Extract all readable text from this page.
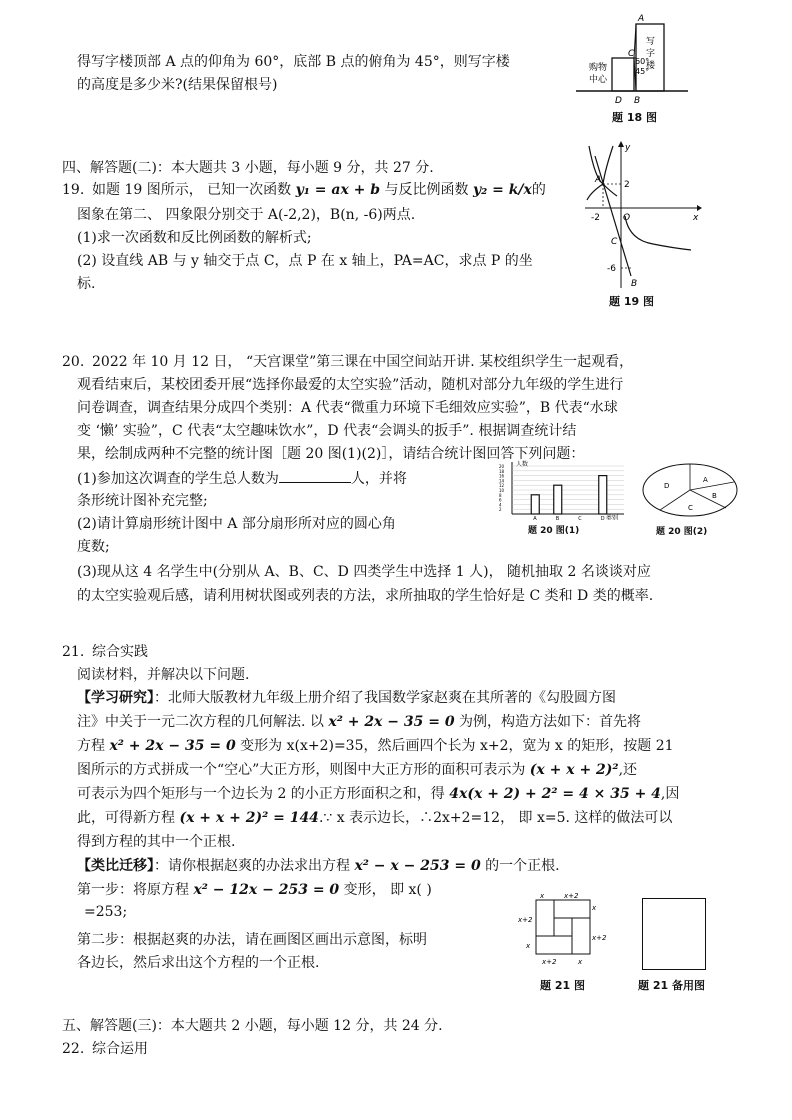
得写字楼顶部 A 点的仰角为 60°，底部 B 点的俯角为 45°，则写字楼
的高度是多少米?(结果保留根号)
A
B
D
C
60°
45°
购物
中心
写
字
楼
题 18 图
四、解答题(二)：本大题共 3 小题，每小题 9 分，共 27 分.
19. 如题 19 图所示， 已知一次函数 y₁ = ax + b 与反比例函数 y₂ = k/x的
图象在第二、 四象限分别交于 A(-2,2)，B(n, -6)两点.
(1)求一次函数和反比例函数的解析式;
(2) 设直线 AB 与 y 轴交于点 C，点 P 在 x 轴上，PA=AC，求点 P 的坐
标.
y
x
O
A
B
C
2
-2
-6
题 19 图
20. 2022 年 10 月 12 日， “天宫课堂”第三课在中国空间站开讲. 某校组织学生一起观看，
观看结束后，某校团委开展“选择你最爱的太空实验”活动，随机对部分九年级的学生进行
问卷调查，调查结果分成四个类别：A 代表“微重力环境下毛细效应实验”，B 代表“水球
变 ‘懒’ 实验”，C 代表“太空趣味饮水”，D 代表“会调头的扳手”. 根据调查统计结
果，绘制成两种不完整的统计图［题 20 图(1)(2)］，请结合统计图回答下列问题：
(1)参加这次调查的学生总人数为	人，并将
条形统计图补充完整;
(2)请计算扇形统计图中 A 部分扇形所对应的圆心角
度数;
(3)现从这 4 名学生中(分别从 A、B、C、D 四类学生中选择 1 人)， 随机抽取 2 名谈谈对应
的太空实验观后感，请利用树状图或列表的方法，求所抽取的学生恰好是 C 类和 D 类的概率.
人数
类别
20
18
16
14
12
10
8
6
4
2
A	B	C	D
题 20 图(1)
A
B
C
D
题 20 图(2)
21. 综合实践
阅读材料，并解决以下问题.
【学习研究】：北师大版教材九年级上册介绍了我国数学家赵爽在其所著的《勾股圆方图
注》中关于一元二次方程的几何解法. 以 x² + 2x − 35 = 0 为例，构造方法如下：首先将
方程 x² + 2x − 35 = 0 变形为 x(x+2)=35，然后画四个长为 x+2，宽为 x 的矩形，按题 21
图所示的方式拼成一个“空心”大正方形，则图中大正方形的面积可表示为 (x + x + 2)²,还
可表示为四个矩形与一个边长为 2 的小正方形面积之和，得 4x(x + 2) + 2² = 4 × 35 + 4,因
此，可得新方程 (x + x + 2)² = 144.∵ x 表示边长，∴2x+2=12， 即 x=5. 这样的做法可以
得到方程的其中一个正根.
【类比迁移】：请你根据赵爽的办法求出方程 x² − x − 253 = 0 的一个正根.
第一步：将原方程 x² − 12x − 253 = 0 变形， 即 x( )
=253;
第二步：根据赵爽的办法，请在画图区画出示意图，标明
各边长，然后求出这个方程的一个正根.
x	x+2
x+2
x
x
x+2
x+2	x
题 21 图	题 21 备用图
五、解答题(三)：本大题共 2 小题，每小题 12 分，共 24 分.
22. 综合运用
